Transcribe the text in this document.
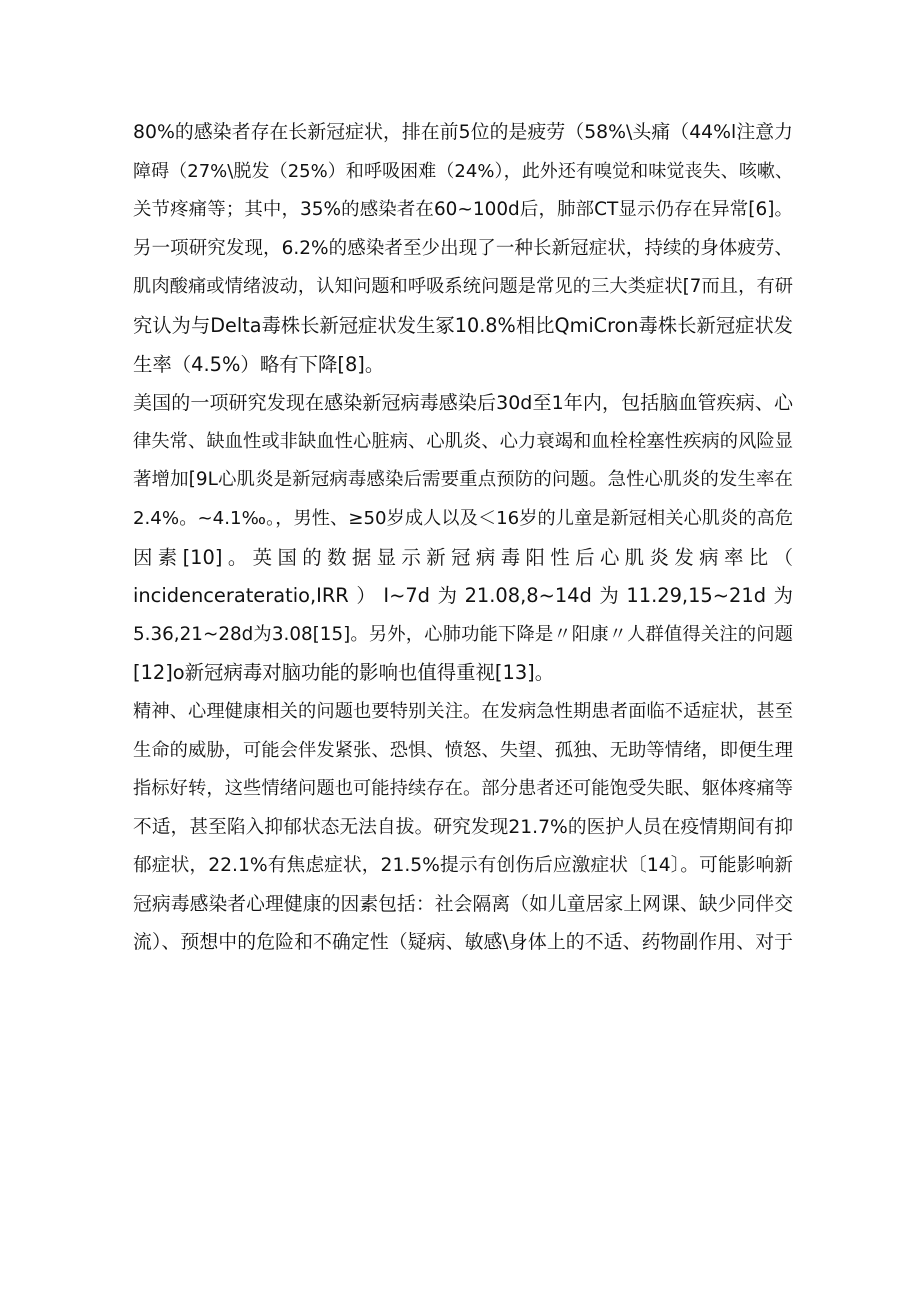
80%的感染者存在长新冠症状，排在前5位的是疲劳（58%\头痛（44%l注意力
障碍（27%\脱发（25%）和呼吸困难（24%），此外还有嗅觉和味觉丧失、咳嗽、
关节疼痛等；其中，35%的感染者在60~100d后，肺部CT显示仍存在异常[6]。
另一项研究发现，6.2%的感染者至少出现了一种长新冠症状，持续的身体疲劳、
肌肉酸痛或情绪波动，认知问题和呼吸系统问题是常见的三大类症状[7而且，有研
究认为与Delta毒株长新冠症状发生冢10.8%相比QmiCron毒株长新冠症状发
生率（4.5%）略有下降[8]。
美国的一项研究发现在感染新冠病毒感染后30d至1年内，包括脑血管疾病、心
律失常、缺血性或非缺血性心脏病、心肌炎、心力衰竭和血栓栓塞性疾病的风险显
著增加[9L心肌炎是新冠病毒感染后需要重点预防的问题。急性心肌炎的发生率在
2.4%。~4.1‰。，男性、≥50岁成人以及＜16岁的儿童是新冠相关心肌炎的高危
因素[10]。英国的数据显示新冠病毒阳性后心肌炎发病率比（
incidencerateratio,IRR）I~7d为21.08,8~14d为11.29,15~21d为
5.36,21~28d为3.08[15]。另外，心肺功能下降是〃阳康〃人群值得关注的问题
[12]o新冠病毒对脑功能的影响也值得重视[13]。
精神、心理健康相关的问题也要特别关注。在发病急性期患者面临不适症状，甚至
生命的威胁，可能会伴发紧张、恐惧、愤怒、失望、孤独、无助等情绪，即便生理
指标好转，这些情绪问题也可能持续存在。部分患者还可能饱受失眠、躯体疼痛等
不适，甚至陷入抑郁状态无法自拔。研究发现21.7%的医护人员在疫情期间有抑
郁症状，22.1%有焦虑症状，21.5%提示有创伤后应激症状〔14〕。可能影响新
冠病毒感染者心理健康的因素包括：社会隔离（如儿童居家上网课、缺少同伴交
流）、预想中的危险和不确定性（疑病、敏感\身体上的不适、药物副作用、对于
